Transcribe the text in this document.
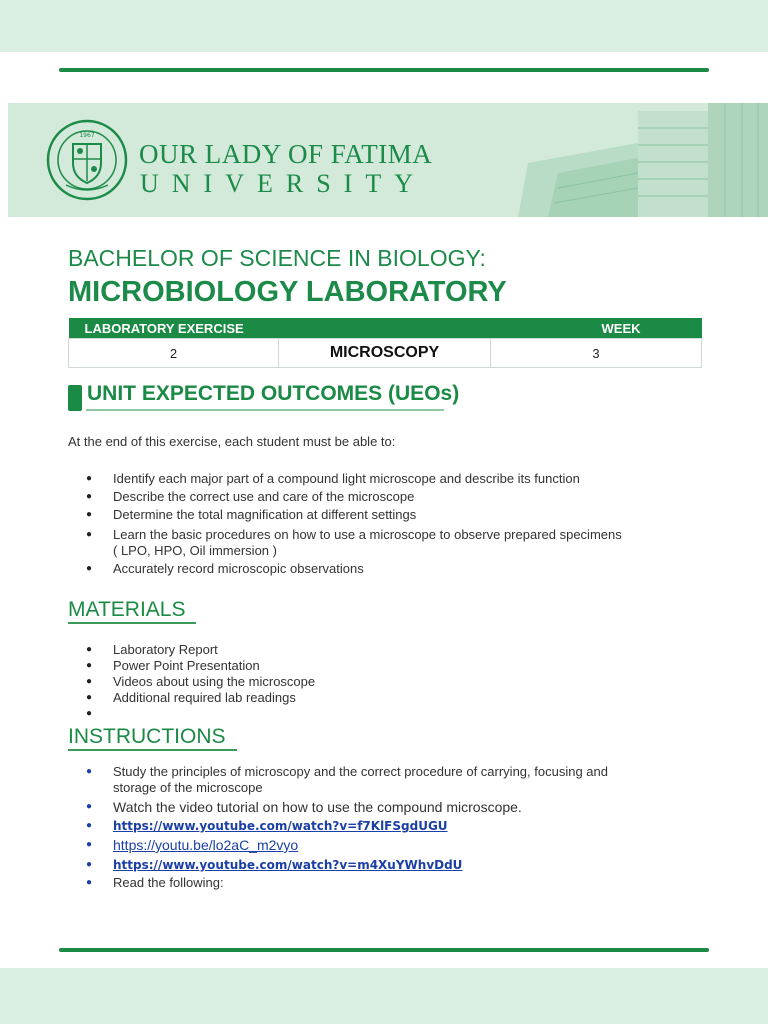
1967
OUR LADY OF FATIMA
UNIVERSITY
BACHELOR OF SCIENCE IN BIOLOGY:
MICROBIOLOGY LABORATORY
LABORATORY EXERCISE		WEEK
2	MICROSCOPY	3
UNIT EXPECTED OUTCOMES (UEOs)
At the end of this exercise, each student must be able to:
● Identify each major part of a compound light microscope and describe its function
● Describe the correct use and care of the microscope
● Determine the total magnification at different settings
● Learn the basic procedures on how to use a microscope to observe prepared specimens
( LPO, HPO, Oil immersion )
● Accurately record microscopic observations
MATERIALS
● Laboratory Report
● Power Point Presentation
● Videos about using the microscope
● Additional required lab readings
●
INSTRUCTIONS
● Study the principles of microscopy and the correct procedure of carrying, focusing and
storage of the microscope
● Watch the video tutorial on how to use the compound microscope.
● https://www.youtube.com/watch?v=f7KlFSgdUGU
● https://youtu.be/lo2aC_m2vyo
● https://www.youtube.com/watch?v=m4XuYWhvDdU
● Read the following:
